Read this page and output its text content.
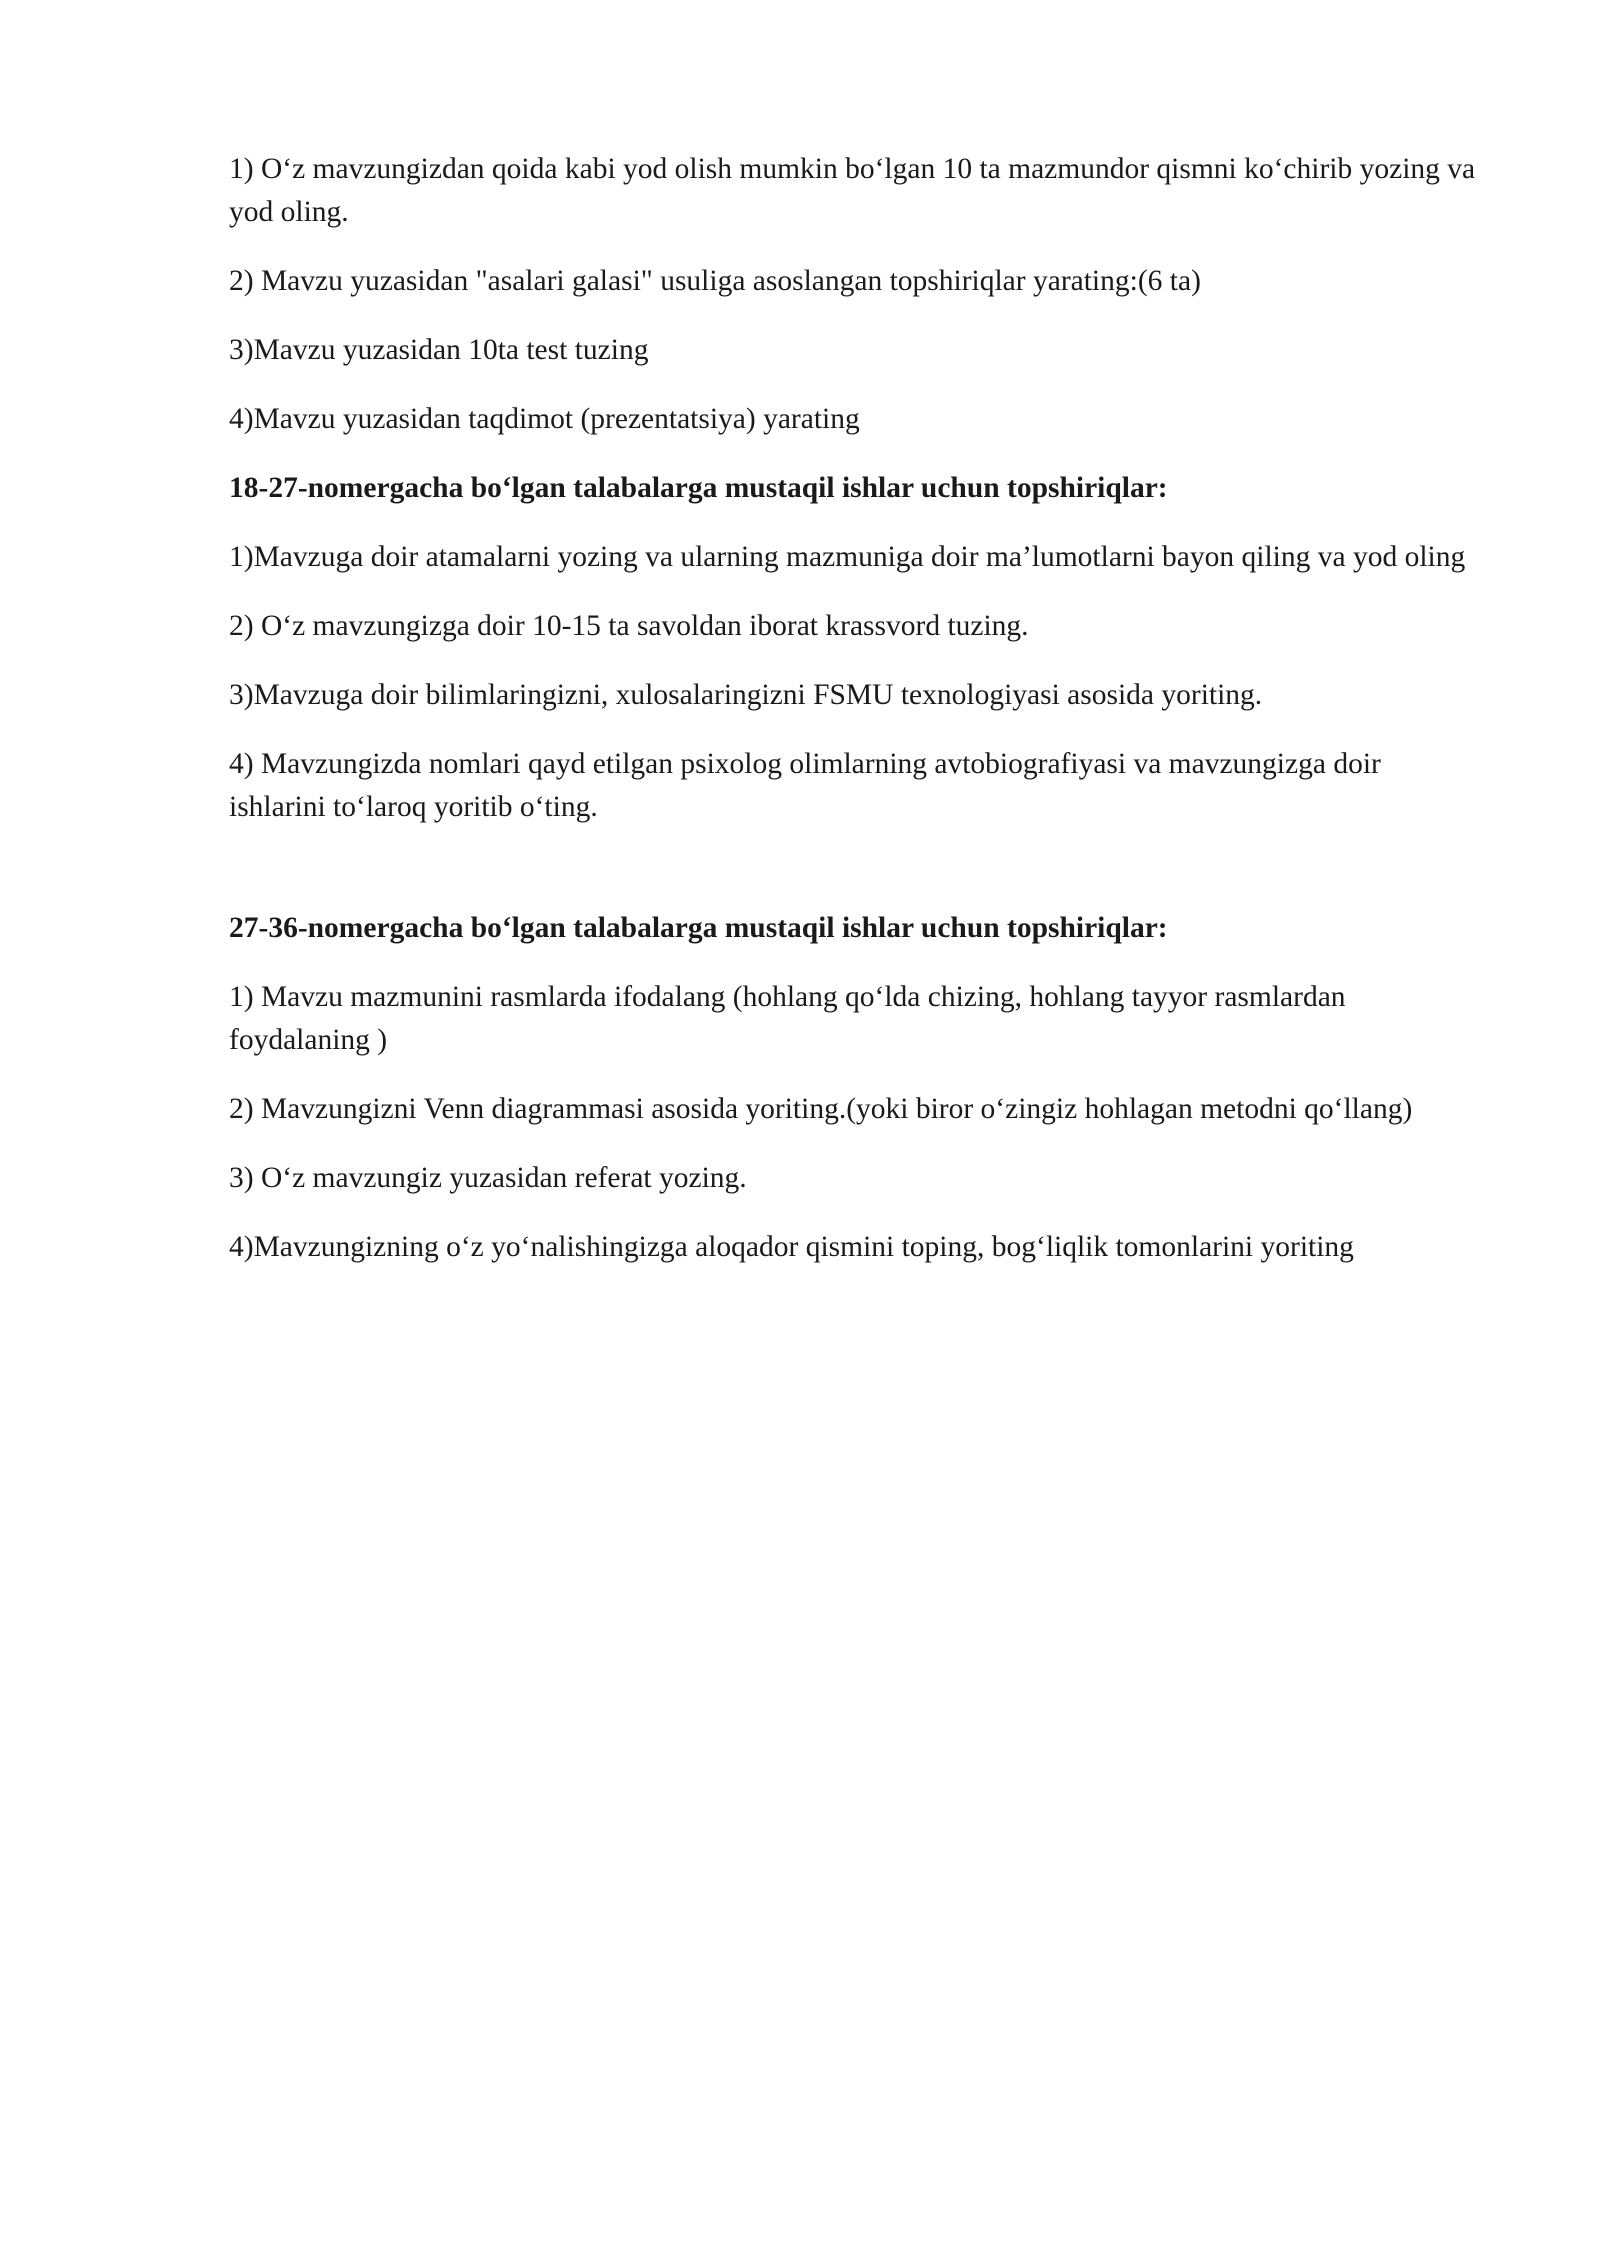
1) O‘z mavzungizdan qoida kabi yod olish mumkin bo‘lgan 10 ta mazmundor qismni ko‘chirib yozing va yod oling.

2) Mavzu yuzasidan "asalari galasi" usuliga asoslangan topshiriqlar yarating:(6 ta)

3)Mavzu yuzasidan 10ta test tuzing

4)Mavzu yuzasidan taqdimot (prezentatsiya) yarating

18-27-nomergacha bo‘lgan talabalarga mustaqil ishlar uchun topshiriqlar:

1)Mavzuga doir atamalarni yozing va ularning mazmuniga doir ma’lumotlarni bayon qiling va yod oling

2) O‘z mavzungizga doir 10-15 ta savoldan iborat krassvord tuzing.

3)Mavzuga doir bilimlaringizni, xulosalaringizni FSMU texnologiyasi asosida yoriting.

4) Mavzungizda nomlari qayd etilgan psixolog olimlarning avtobiografiyasi va mavzungizga doir ishlarini to‘laroq yoritib o‘ting.

27-36-nomergacha bo‘lgan talabalarga mustaqil ishlar uchun topshiriqlar:

1) Mavzu mazmunini rasmlarda ifodalang (hohlang qo‘lda chizing, hohlang tayyor rasmlardan foydalaning )

2) Mavzungizni Venn diagrammasi asosida yoriting.(yoki biror o‘zingiz hohlagan metodni qo‘llang)

3) O‘z mavzungiz yuzasidan referat yozing.

4)Mavzungizning o‘z yo‘nalishingizga aloqador qismini toping, bog‘liqlik tomonlarini yoriting
